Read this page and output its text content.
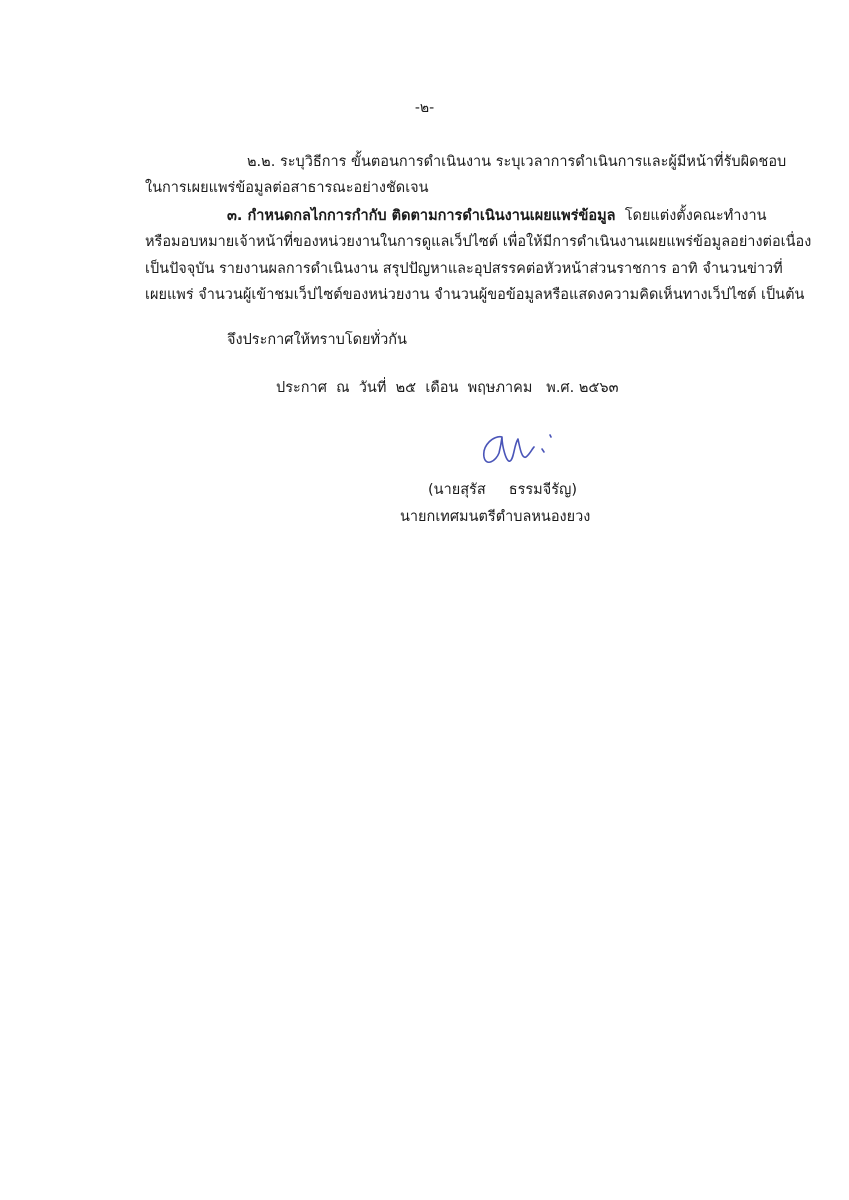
-๒-
๒.๒. ระบุวิธีการ ขั้นตอนการดำเนินงาน ระบุเวลาการดำเนินการและผู้มีหน้าที่รับผิดชอบ
ในการเผยแพร่ข้อมูลต่อสาธารณะอย่างชัดเจน
๓. กำหนดกลไกการกำกับ ติดตามการดำเนินงานเผยแพร่ข้อมูล โดยแต่งตั้งคณะทำงาน
หรือมอบหมายเจ้าหน้าที่ของหน่วยงานในการดูแลเว็ปไซต์ เพื่อให้มีการดำเนินงานเผยแพร่ข้อมูลอย่างต่อเนื่อง
เป็นปัจจุบัน รายงานผลการดำเนินงาน สรุปปัญหาและอุปสรรคต่อหัวหน้าส่วนราชการ อาทิ จำนวนข่าวที่
เผยแพร่ จำนวนผู้เข้าชมเว็ปไซต์ของหน่วยงาน จำนวนผู้ขอข้อมูลหรือแสดงความคิดเห็นทางเว็ปไซต์ เป็นต้น
จึงประกาศให้ทราบโดยทั่วกัน
ประกาศ  ณ  วันที่  ๒๕  เดือน  พฤษภาคม   พ.ศ. ๒๕๖๓
(นายสุรัส     ธรรมจีรัญ)
นายกเทศมนตรีตำบลหนองยวง
